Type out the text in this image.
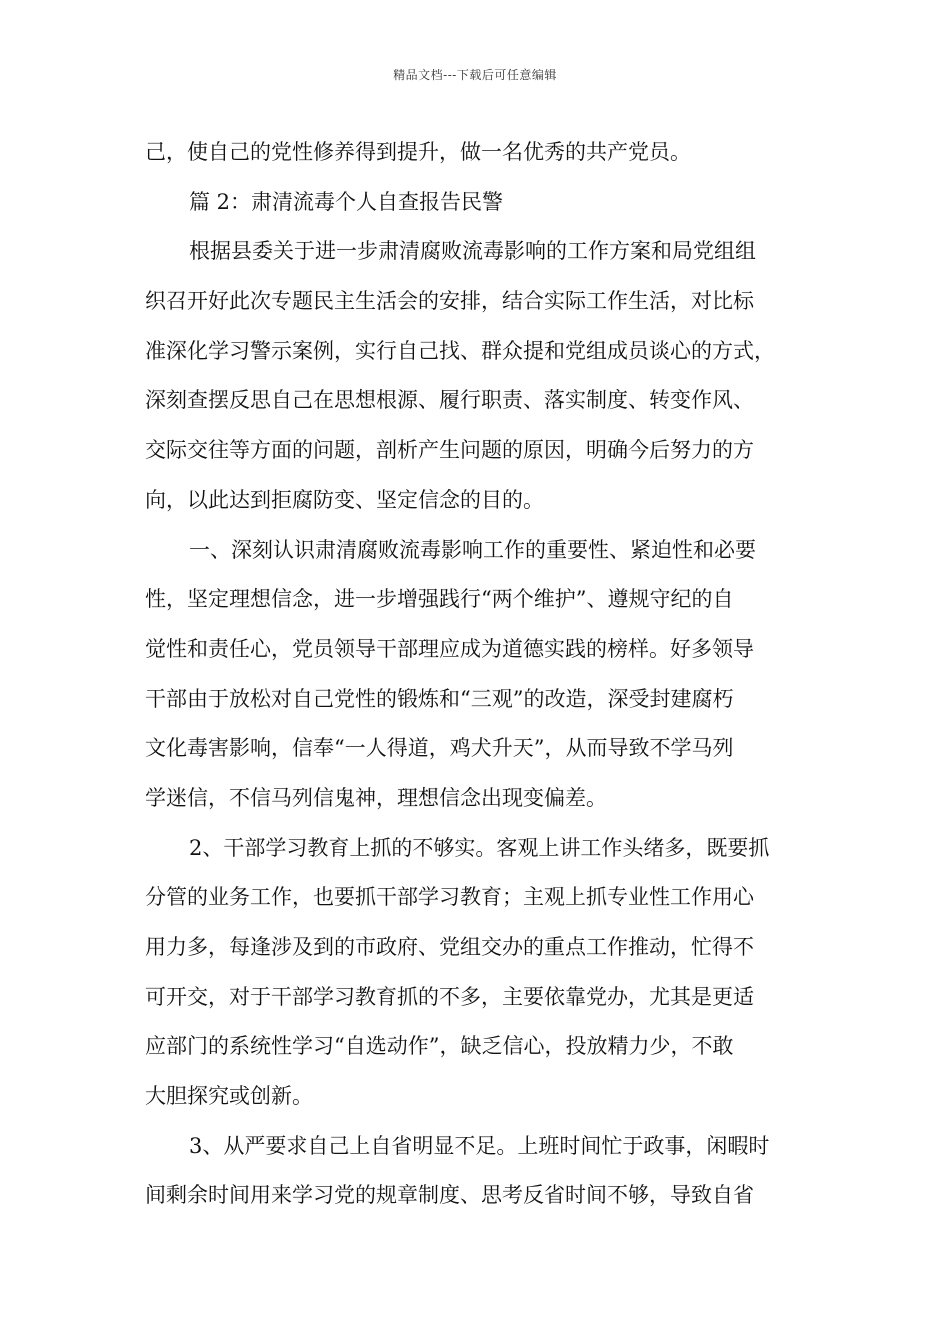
精品文档---下载后可任意编辑
己，使自己的党性修养得到提升，做一名优秀的共产党员。
篇 2：肃清流毒个人自查报告民警
根据县委关于进一步肃清腐败流毒影响的工作方案和局党组组
织召开好此次专题民主生活会的安排，结合实际工作生活，对比标
准深化学习警示案例，实行自己找、群众提和党组成员谈心的方式，
深刻查摆反思自己在思想根源、履行职责、落实制度、转变作风、
交际交往等方面的问题，剖析产生问题的原因，明确今后努力的方
向，以此达到拒腐防变、坚定信念的目的。
一、深刻认识肃清腐败流毒影响工作的重要性、紧迫性和必要
性，坚定理想信念，进一步增强践行“两个维护”、遵规守纪的自
觉性和责任心，党员领导干部理应成为道德实践的榜样。好多领导
干部由于放松对自己党性的锻炼和“三观”的改造，深受封建腐朽
文化毒害影响，信奉“一人得道，鸡犬升天”，从而导致不学马列
学迷信，不信马列信鬼神，理想信念出现变偏差。
2、干部学习教育上抓的不够实。客观上讲工作头绪多，既要抓
分管的业务工作，也要抓干部学习教育；主观上抓专业性工作用心
用力多，每逢涉及到的市政府、党组交办的重点工作推动，忙得不
可开交，对于干部学习教育抓的不多，主要依靠党办，尤其是更适
应部门的系统性学习“自选动作”，缺乏信心，投放精力少，不敢
大胆探究或创新。
3、从严要求自己上自省明显不足。上班时间忙于政事，闲暇时
间剩余时间用来学习党的规章制度、思考反省时间不够，导致自省
